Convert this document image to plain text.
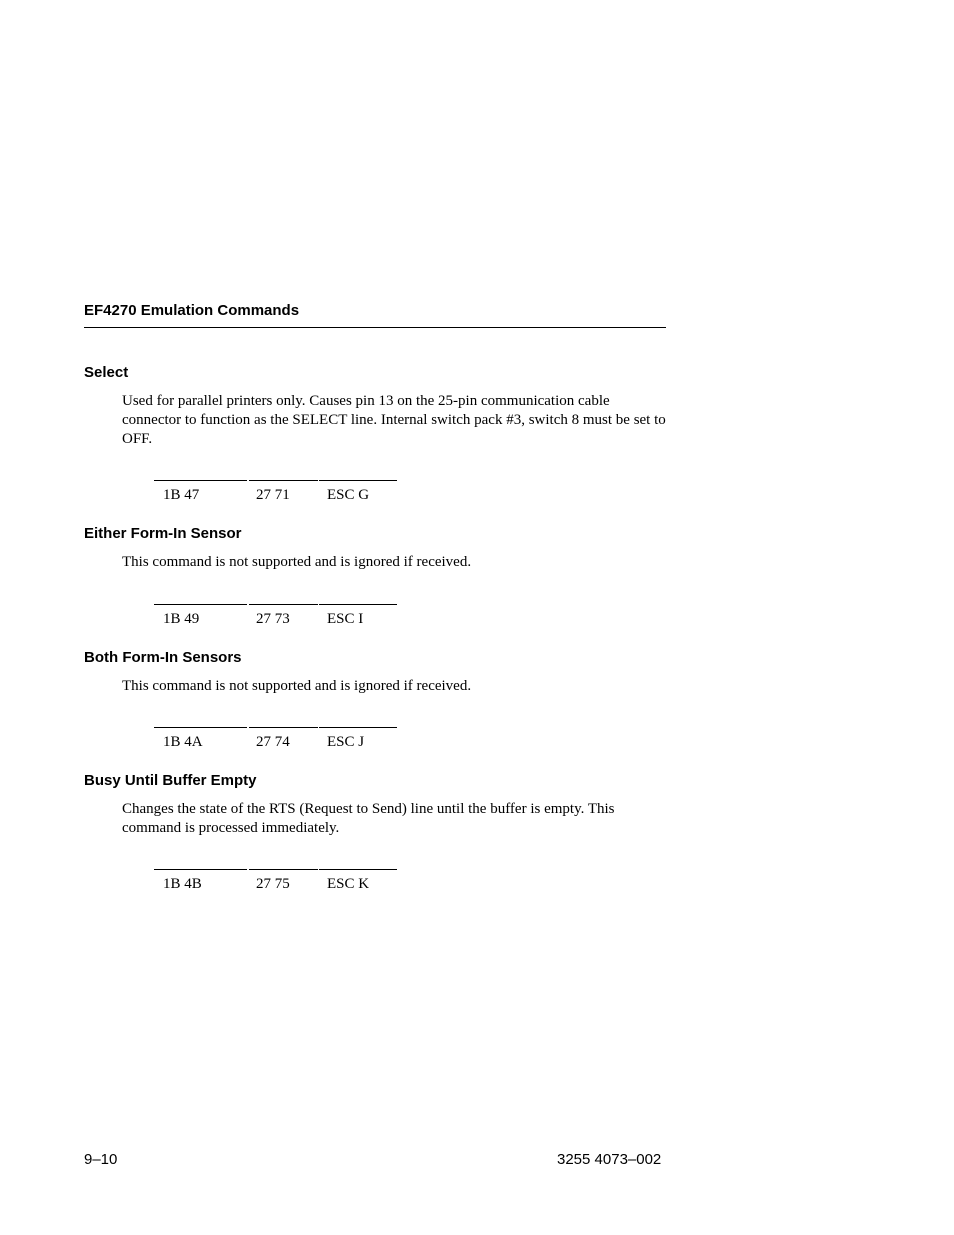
EF4270 Emulation Commands
Select

Used for parallel printers only. Causes pin 13 on the 25-pin communication cable connector to function as the SELECT line. Internal switch pack #3, switch 8 must be set to OFF.

1B 47	27 71	ESC G
Either Form-In Sensor

This command is not supported and is ignored if received.

1B 49	27 73	ESC I
Both Form-In Sensors

This command is not supported and is ignored if received.

1B 4A	27 74	ESC J
Busy Until Buffer Empty

Changes the state of the RTS (Request to Send) line until the buffer is empty. This command is processed immediately.

1B 4B	27 75	ESC K
9–10	3255 4073–002
